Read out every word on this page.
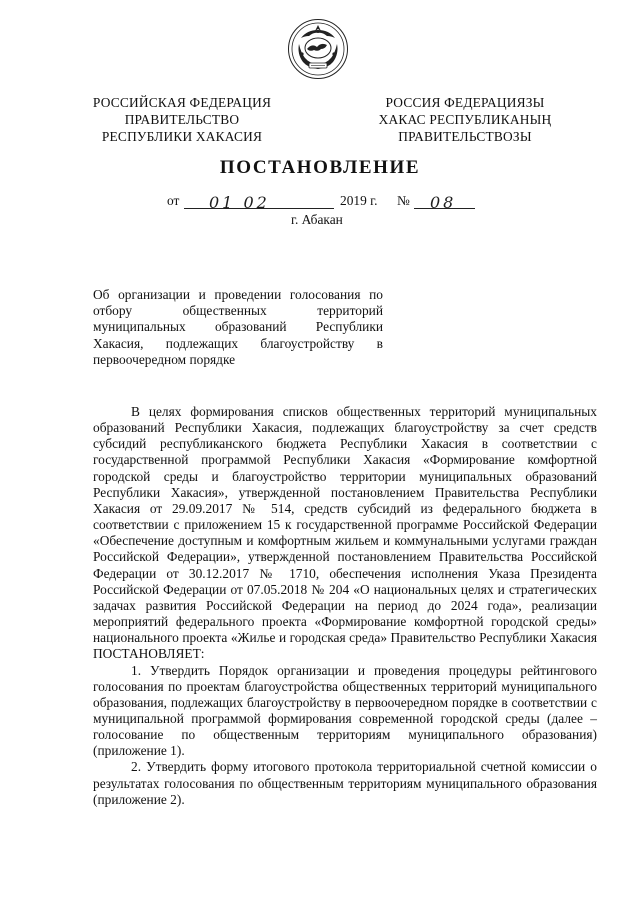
РОССИЙСКАЯ ФЕДЕРАЦИЯ
ПРАВИТЕЛЬСТВО
РЕСПУБЛИКИ ХАКАСИЯ
РОССИЯ ФЕДЕРАЦИЯЗЫ
ХАКАС РЕСПУБЛИКАНЫҢ
ПРАВИТЕЛЬСТВОЗЫ
ПОСТАНОВЛЕНИЕ
от 01 02	2019 г. № 08
г. Абакан
Об организации и проведении голосования по
отбору общественных территорий
муниципальных образований Республики
Хакасия, подлежащих благоустройству в
первоочередном порядке

В целях формирования списков общественных территорий муниципальных образований Республики Хакасия, подлежащих благоустройству за счет средств субсидий республиканского бюджета Республики Хакасия в соответствии с государственной программой Республики Хакасия «Формирование комфортной городской среды и благоустройство территории муниципальных образований Республики Хакасия», утвержденной постановлением Правительства Республики Хакасия от 29.09.2017 № 514, средств субсидий из федерального бюджета в соответствии с приложением 15 к государственной программе Российской Федерации «Обеспечение доступным и комфортным жильем и коммунальными услугами граждан Российской Федерации», утвержденной постановлением Правительства Российской Федерации от 30.12.2017 № 1710, обеспечения исполнения Указа Президента Российской Федерации от 07.05.2018 № 204 «О национальных целях и стратегических задачах развития Российской Федерации на период до 2024 года», реализации мероприятий федерального проекта «Формирование комфортной городской среды» национального проекта «Жилье и городская среда» Правительство Республики Хакасия ПОСТАНОВЛЯЕТ:

1. Утвердить Порядок организации и проведения процедуры рейтингового голосования по проектам благоустройства общественных территорий муниципального образования, подлежащих благоустройству в первоочередном порядке в соответствии с муниципальной программой формирования современной городской среды (далее – голосование по общественным территориям муниципального образования) (приложение 1).

2. Утвердить форму итогового протокола территориальной счетной комиссии о результатах голосования по общественным территориям муниципального образования (приложение 2).
